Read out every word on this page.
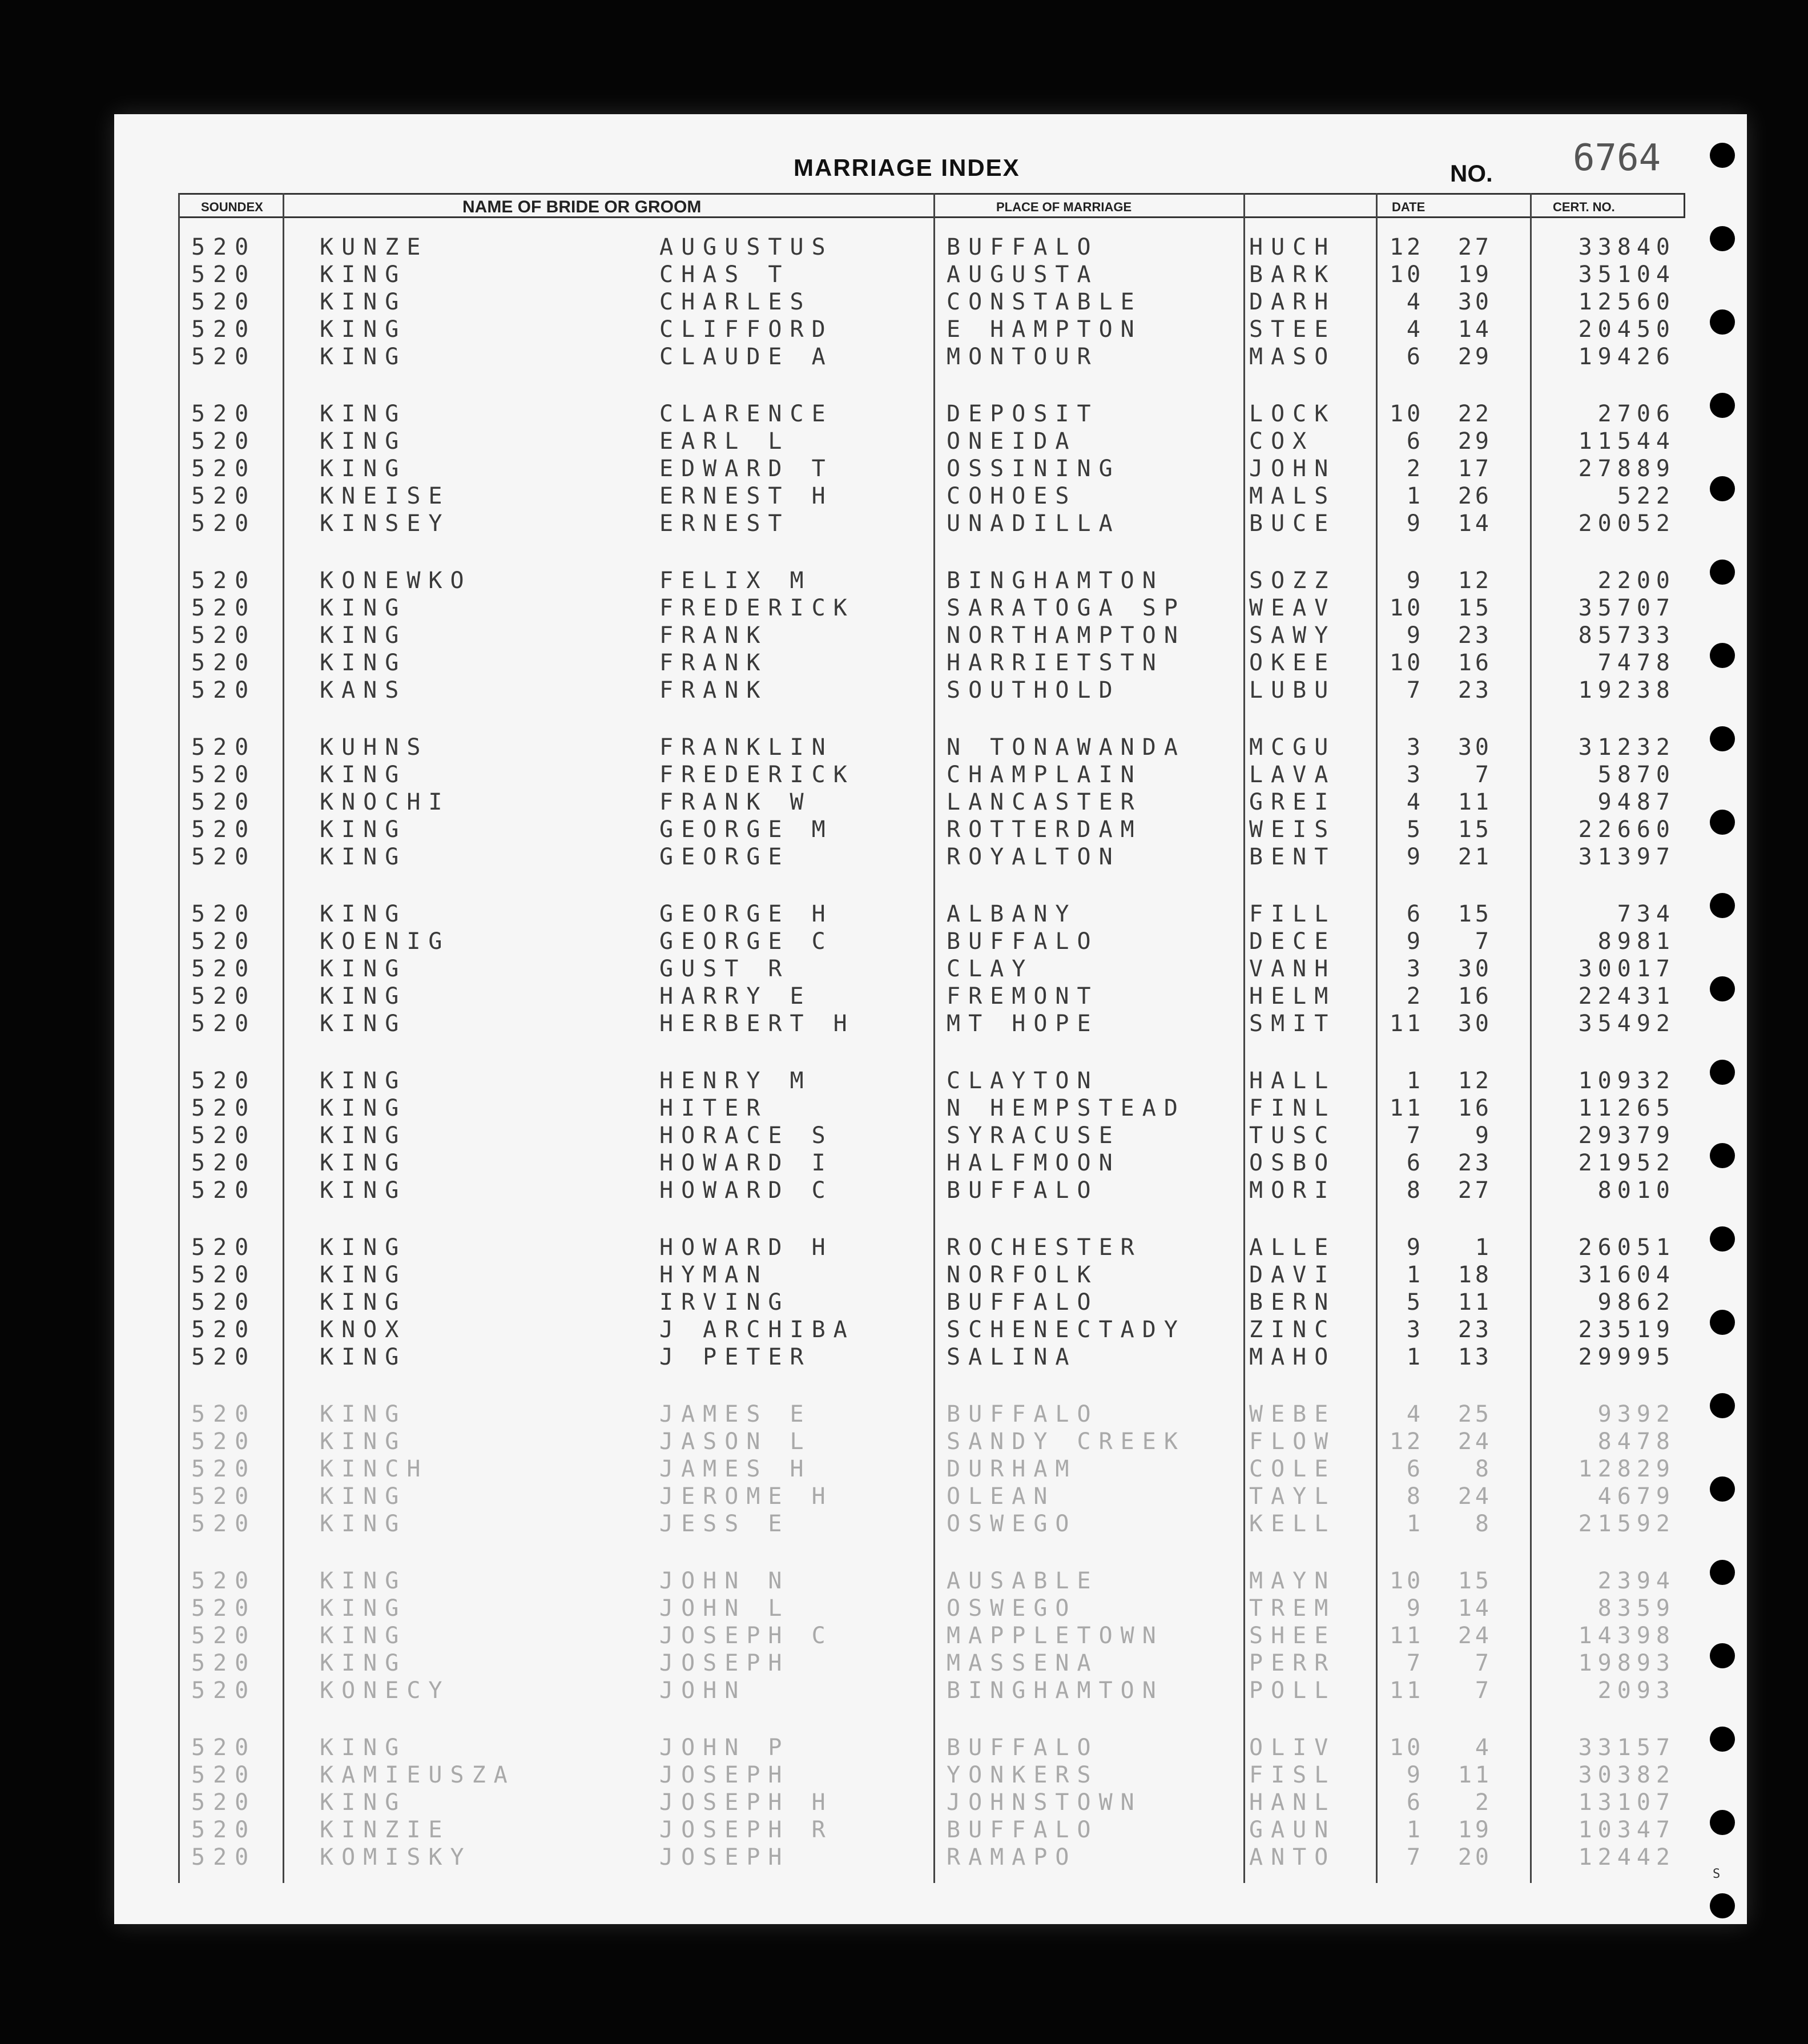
MARRIAGE INDEX	NO. 6764
SOUNDEX	NAME OF BRIDE OR GROOM	PLACE OF MARRIAGE	DATE	CERT. NO.
520	KUNZE	AUGUSTUS	BUFFALO	HUCH 12 27	33840
520	KING	CHAS T	AUGUSTA	BARK 10 19	35104
520	KING	CHARLES	CONSTABLE	DARH	4 30	12560
520	KING	CLIFFORD	E HAMPTON	STEE	4 14	20450
520	KING	CLAUDE A	MONTOUR	MASO	6 29	19426
520	KING	CLARENCE	DEPOSIT	LOCK 10 22	2706
520	KING	EARL L	ONEIDA	COX	6 29	11544
520	KING	EDWARD T	OSSINING	JOHN	2 17	27889
520	KNEISE	ERNEST H	COHOES	MALS	1 26	522
520	KINSEY	ERNEST	UNADILLA	BUCE	9 14	20052
520	KONEWKO	FELIX M	BINGHAMTON	SOZZ	9 12	2200
520	KING	FREDERICK	SARATOGA SP	WEAV 10 15	35707
520	KING	FRANK	NORTHAMPTON	SAWY	9 23	85733
520	KING	FRANK	HARRIETSTN	OKEE 10 16	7478
520	KANS	FRANK	SOUTHOLD	LUBU	7 23	19238
520	KUHNS	FRANKLIN	N TONAWANDA	MCGU	3 30	31232
520	KING	FREDERICK	CHAMPLAIN	LAVA	3	7	5870
520	KNOCHI	FRANK W	LANCASTER	GREI	4 11	9487
520	KING	GEORGE M	ROTTERDAM	WEIS	5 15	22660
520	KING	GEORGE	ROYALTON	BENT	9 21	31397
520	KING	GEORGE H	ALBANY	FILL	6 15	734
520	KOENIG	GEORGE C	BUFFALO	DECE	9	7	8981
520	KING	GUST R	CLAY	VANH	3 30	30017
520	KING	HARRY E	FREMONT	HELM	2 16	22431
520	KING	HERBERT H	MT HOPE	SMIT 11 30	35492
520	KING	HENRY M	CLAYTON	HALL	1 12	10932
520	KING	HITER	N HEMPSTEAD	FINL 11 16	11265
520	KING	HORACE S	SYRACUSE	TUSC	7	9	29379
520	KING	HOWARD I	HALFMOON	OSBO	6 23	21952
520	KING	HOWARD C	BUFFALO	MORI	8 27	8010
520	KING	HOWARD H	ROCHESTER	ALLE	9	1	26051
520	KING	HYMAN	NORFOLK	DAVI	1 18	31604
520	KING	IRVING	BUFFALO	BERN	5 11	9862
520	KNOX	J ARCHIBA	SCHENECTADY	ZINC	3 23	23519
520	KING	J PETER	SALINA	MAHO	1 13	29995
520	KING	JAMES E	BUFFALO	WEBE	4 25	9392
520	KING	JASON L	SANDY CREEK	FLOW 12 24	8478
520	KINCH	JAMES H	DURHAM	COLE	6	8	12829
520	KING	JEROME H	OLEAN	TAYL	8 24	4679
520	KING	JESS E	OSWEGO	KELL	1	8	21592
520	KING	JOHN N	AUSABLE	MAYN 10 15	2394
520	KING	JOHN L	OSWEGO	TREM	9 14	8359
520	KING	JOSEPH C	MAPPLETOWN	SHEE 11 24	14398
520	KING	JOSEPH	MASSENA	PERR	7	7	19893
520	KONECY	JOHN	BINGHAMTON	POLL 11	7	2093
520	KING	JOHN P	BUFFALO	OLIV 10	4	33157
520	KAMIEUSZA	JOSEPH	YONKERS	FISL	9 11	30382
520	KING	JOSEPH H	JOHNSTOWN	HANL	6	2	13107
520	KINZIE	JOSEPH R	BUFFALO	GAUN	1 19	10347
520	KOMISKY	JOSEPH	RAMAPO	ANTO	7 20	12442
S
